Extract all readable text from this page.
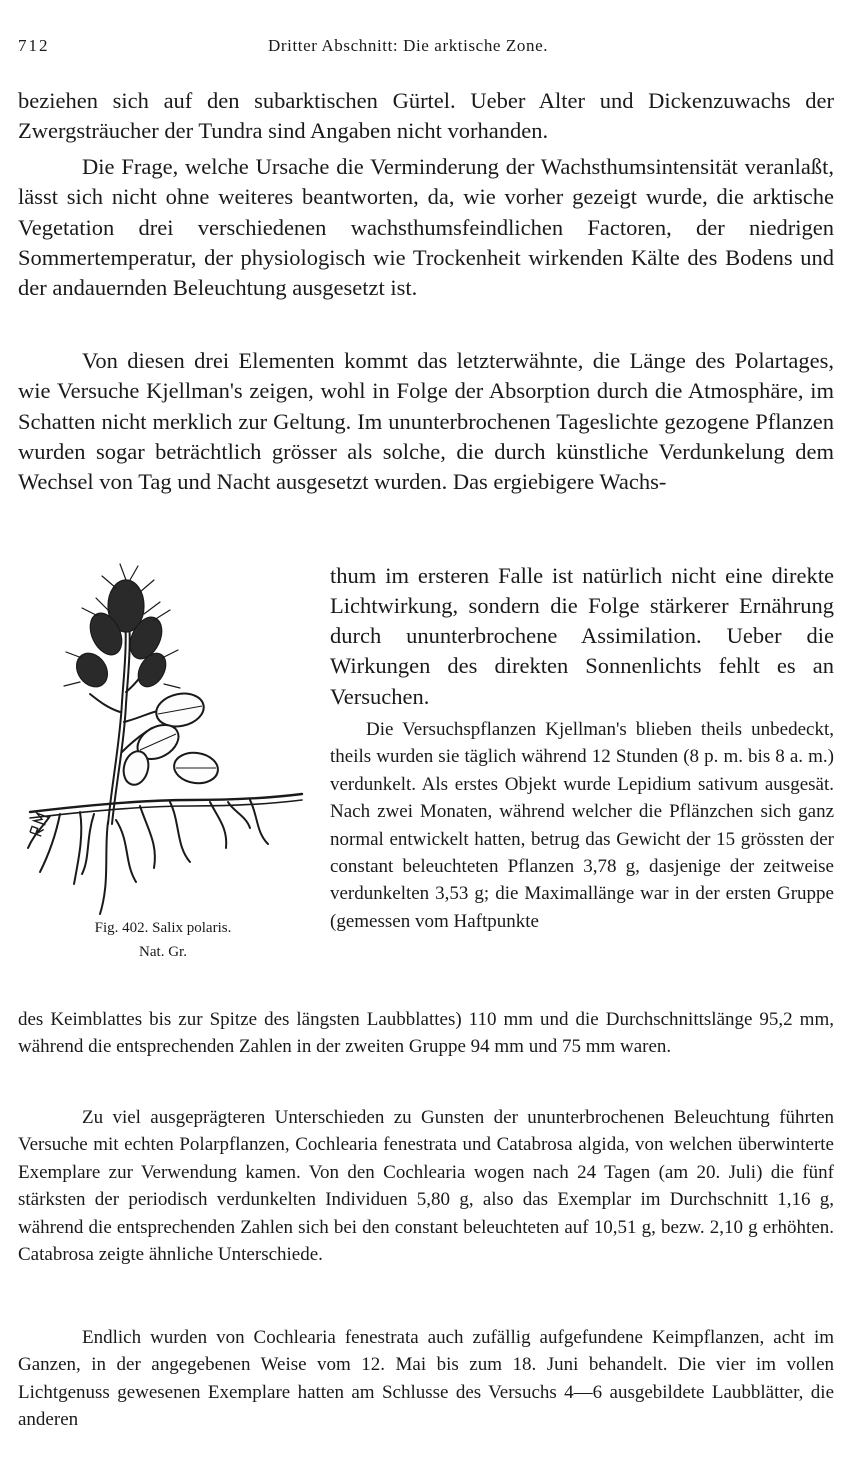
712	Dritter Abschnitt: Die arktische Zone.

beziehen sich auf den subarktischen Gürtel. Ueber Alter und Dickenzuwachs der Zwergsträucher der Tundra sind Angaben nicht vorhanden.

Die Frage, welche Ursache die Verminderung der Wachsthumsintensität veranlaßt, lässt sich nicht ohne weiteres beantworten, da, wie vorher gezeigt wurde, die arktische Vegetation drei verschiedenen wachsthumsfeindlichen Factoren, der niedrigen Sommertemperatur, der physiologisch wie Trockenheit wirkenden Kälte des Bodens und der andauernden Beleuchtung ausgesetzt ist.

Von diesen drei Elementen kommt das letzterwähnte, die Länge des Polartages, wie Versuche Kjellman's zeigen, wohl in Folge der Absorption durch die Atmosphäre, im Schatten nicht merklich zur Geltung. Im ununterbrochenen Tageslichte gezogene Pflanzen wurden sogar beträchtlich grösser als solche, die durch künstliche Verdunkelung dem Wechsel von Tag und Nacht ausgesetzt wurden. Das ergiebigere Wachs-

thum im ersteren Falle ist natürlich nicht eine direkte Lichtwirkung, sondern die Folge stärkerer Ernährung durch ununterbrochene Assimilation. Ueber die Wirkungen des direkten Sonnenlichts fehlt es an Versuchen.

Die Versuchspflanzen Kjellman's blieben theils unbedeckt, theils wurden sie täglich während 12 Stunden (8 p. m. bis 8 a. m.) verdunkelt. Als erstes Objekt wurde Lepidium sativum ausgesät. Nach zwei Monaten, während welcher die Pflänzchen sich ganz normal entwickelt hatten, betrug das Gewicht der 15 grössten der constant beleuchteten Pflanzen 3,78 g, dasjenige der zeitweise verdunkelten 3,53 g; die Maximallänge war in der ersten Gruppe (gemessen vom Haftpunkte

des Keimblattes bis zur Spitze des längsten Laubblattes) 110 mm und die Durchschnittslänge 95,2 mm, während die entsprechenden Zahlen in der zweiten Gruppe 94 mm und 75 mm waren.

Zu viel ausgeprägteren Unterschieden zu Gunsten der ununterbrochenen Beleuchtung führten Versuche mit echten Polarpflanzen, Cochlearia fenestrata und Catabrosa algida, von welchen überwinterte Exemplare zur Verwendung kamen. Von den Cochlearia wogen nach 24 Tagen (am 20. Juli) die fünf stärksten der periodisch verdunkelten Individuen 5,80 g, also das Exemplar im Durchschnitt 1,16 g, während die entsprechenden Zahlen sich bei den constant beleuchteten auf 10,51 g, bezw. 2,10 g erhöhten. Catabrosa zeigte ähnliche Unterschiede.

Endlich wurden von Cochlearia fenestrata auch zufällig aufgefundene Keimpflanzen, acht im Ganzen, in der angegebenen Weise vom 12. Mai bis zum 18. Juni behandelt. Die vier im vollen Lichtgenuss gewesenen Exemplare hatten am Schlusse des Versuchs 4—6 ausgebildete Laubblätter, die anderen

Fig. 402. Salix polaris.
Nat. Gr.
